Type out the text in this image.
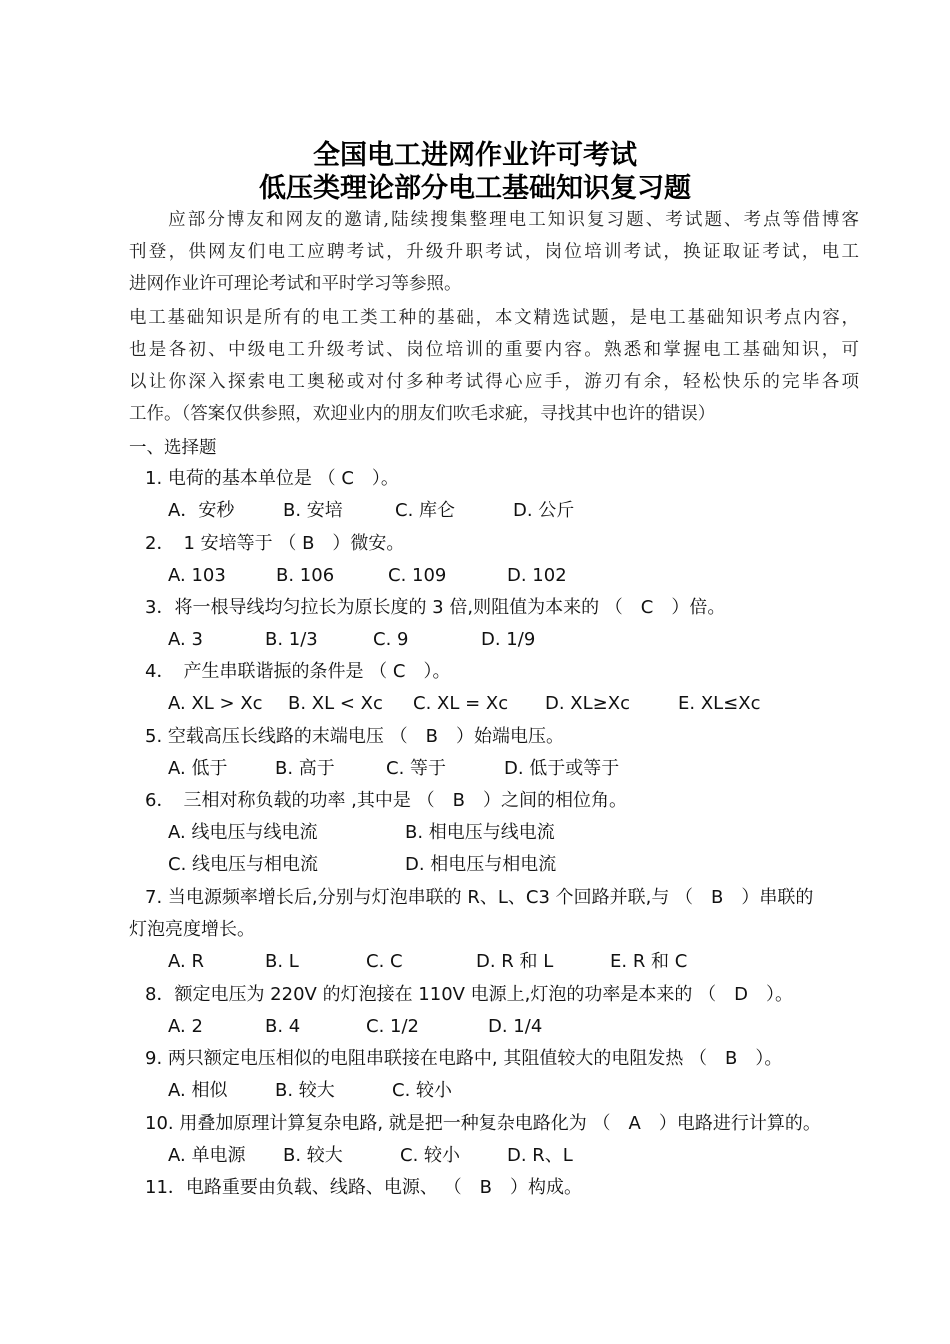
全国电工进网作业许可考试
低压类理论部分电工基础知识复习题
　　应部分博友和网友的邀请,陆续搜集整理电工知识复习题、考试题、考点等借博客
刊登，供网友们电工应聘考试，升级升职考试，岗位培训考试，换证取证考试，电工
进网作业许可理论考试和平时学习等参照。
电工基础知识是所有的电工类工种的基础，本文精选试题，是电工基础知识考点内容，
也是各初、中级电工升级考试、岗位培训的重要内容。熟悉和掌握电工基础知识，可
以让你深入探索电工奥秘或对付多种考试得心应手，游刃有余，轻松快乐的完毕各项
工作。（答案仅供参照，欢迎业内的朋友们吹毛求疵，寻找其中也许的错误）
一、选择题
1. 电荷的基本单位是 （ C　）。
A．安秒	B. 安培	C. 库仑	D. 公斤
2．　1 安培等于 （ B　）微安。
A. 103	B. 106	C. 109	D. 102
3．将一根导线均匀拉长为原长度的 3 倍,则阻值为本来的 （　C　）倍。
A. 3	B. 1/3	C. 9	D. 1/9
4．　产生串联谐振的条件是 （ C　）。
A. XL > Xc B. XL < Xc C. XL = Xc D. XL≥Xc	E. XL≤Xc
5. 空载高压长线路的末端电压 （　B　）始端电压。
A. 低于	B. 高于	C. 等于	D. 低于或等于
6．　三相对称负载的功率 ,其中是 （　B　）之间的相位角。
A. 线电压与线电流	B. 相电压与线电流
C. 线电压与相电流	D. 相电压与相电流
7. 当电源频率增长后,分别与灯泡串联的 R、L、C3 个回路并联,与 （　B　）串联的
灯泡亮度增长。
A. R	B. L	C. C	D. R 和 L	E. R 和 C
8．额定电压为 220V 的灯泡接在 110V 电源上,灯泡的功率是本来的 （　D　）。
A. 2	B. 4	C. 1/2	D. 1/4
9. 两只额定电压相似的电阻串联接在电路中, 其阻值较大的电阻发热 （　B　）。
A. 相似	B. 较大	C. 较小
10. 用叠加原理计算复杂电路, 就是把一种复杂电路化为 （　A　）电路进行计算的。
A. 单电源 B. 较大	C. 较小	D. R、L
11．电路重要由负载、线路、电源、 （　B　）构成。
